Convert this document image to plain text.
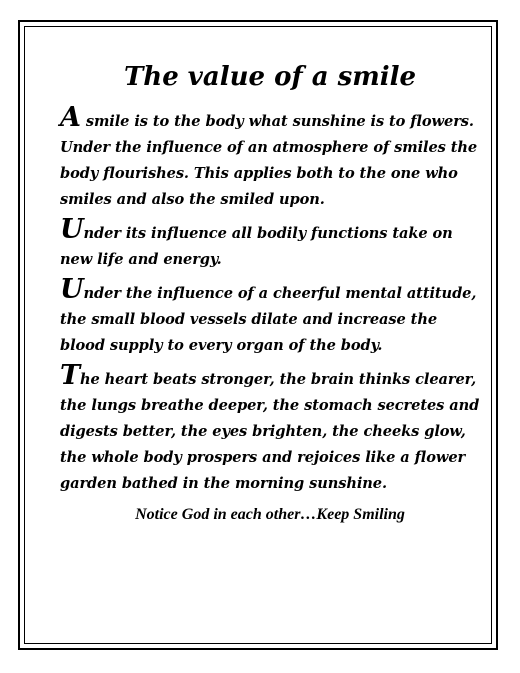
The value of a smile

A smile is to the body what sunshine is to flowers. Under the influence of an atmosphere of smiles the body flourishes. This applies both to the one who smiles and also the smiled upon.

Under its influence all bodily functions take on new life and energy.

Under the influence of a cheerful mental attitude, the small blood vessels dilate and increase the blood supply to every organ of the body.

The heart beats stronger, the brain thinks clearer, the lungs breathe deeper, the stomach secretes and digests better, the eyes brighten, the cheeks glow, the whole body prospers and rejoices like a flower garden bathed in the morning sunshine.

Notice God in each other…Keep Smiling
